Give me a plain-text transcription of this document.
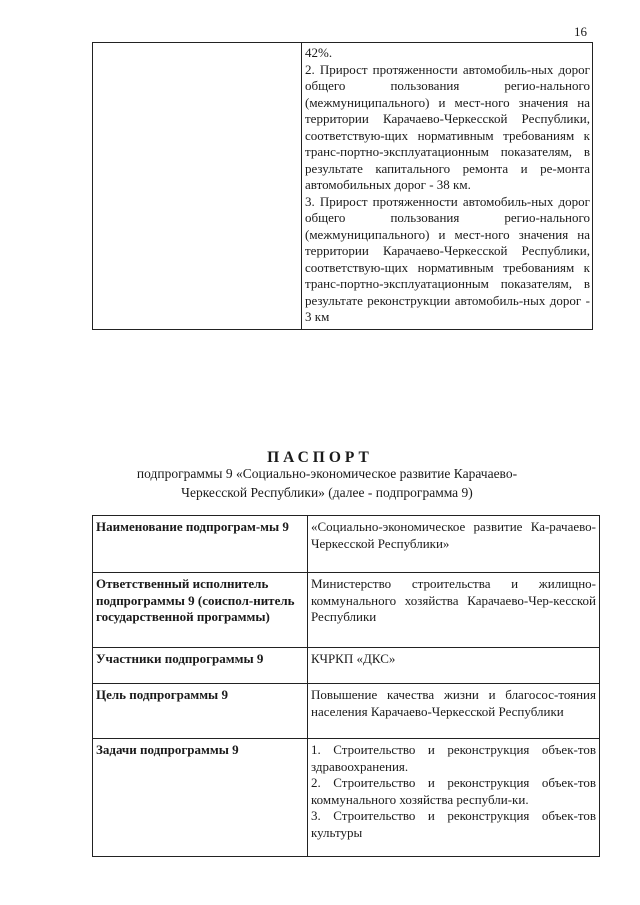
16
	42%.
2. Прирост протяженности автомобиль-ных дорог общего пользования регио-нального (межмуниципального) и мест-ного значения на территории Карачаево-Черкесской Республики, соответствую-щих нормативным требованиям к транс-портно-эксплуатационным показателям, в результате капитального ремонта и ре-монта автомобильных дорог - 38 км.
3. Прирост протяженности автомобиль-ных дорог общего пользования регио-нального (межмуниципального) и мест-ного значения на территории Карачаево-Черкесской Республики, соответствую-щих нормативным требованиям к транс-портно-эксплуатационным показателям, в результате реконструкции автомобиль-ных дорог - 3 км
ПАСПОРТ
подпрограммы 9 «Социально-экономическое развитие Карачаево-Черкесской Республики» (далее - подпрограмма 9)
Наименование подпрограм-мы 9	«Социально-экономическое развитие Ка-рачаево-Черкесской Республики»

Ответственный исполнитель подпрограммы 9 (соиспол-нитель государственной программы)	Министерство строительства и жилищно-коммунального хозяйства Карачаево-Чер-кесской Республики

Участники подпрограммы 9	КЧРКП «ДКС»

Цель подпрограммы 9	Повышение качества жизни и благосос-тояния населения Карачаево-Черкесской Республики

Задачи подпрограммы 9	1. Строительство и реконструкция объек-тов здравоохранения.
2. Строительство и реконструкция объек-тов коммунального хозяйства республи-ки.
3. Строительство и реконструкция объек-тов культуры
